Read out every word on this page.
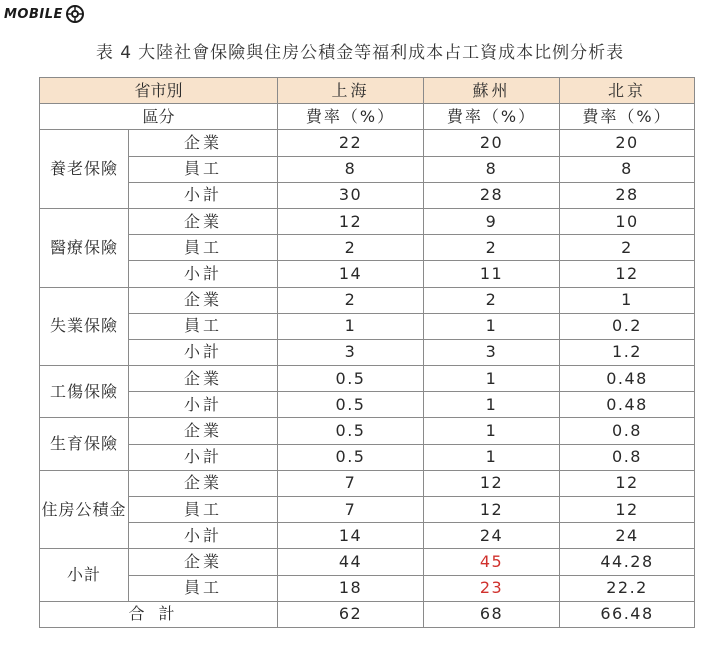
MOBILE
表 4 大陸社會保險與住房公積金等福利成本占工資成本比例分析表
省市別		上海	蘇州	北京
區分		費率（%）	費率（%）	費率（%）
養老保險	企業	22	20	20
	員工	8	8	8
	小計	30	28	28
醫療保險	企業	12	9	10
	員工	2	2	2
	小計	14	11	12
失業保險	企業	2	2	1
	員工	1	1	0.2
	小計	3	3	1.2
工傷保險	企業	0.5	1	0.48
	小計	0.5	1	0.48
生育保險	企業	0.5	1	0.8
	小計	0.5	1	0.8
住房公積金	企業	7	12	12
	員工	7	12	12
	小計	14	24	24
小計	企業	44	45	44.28
	員工	18	23	22.2
合計		62	68	66.48
